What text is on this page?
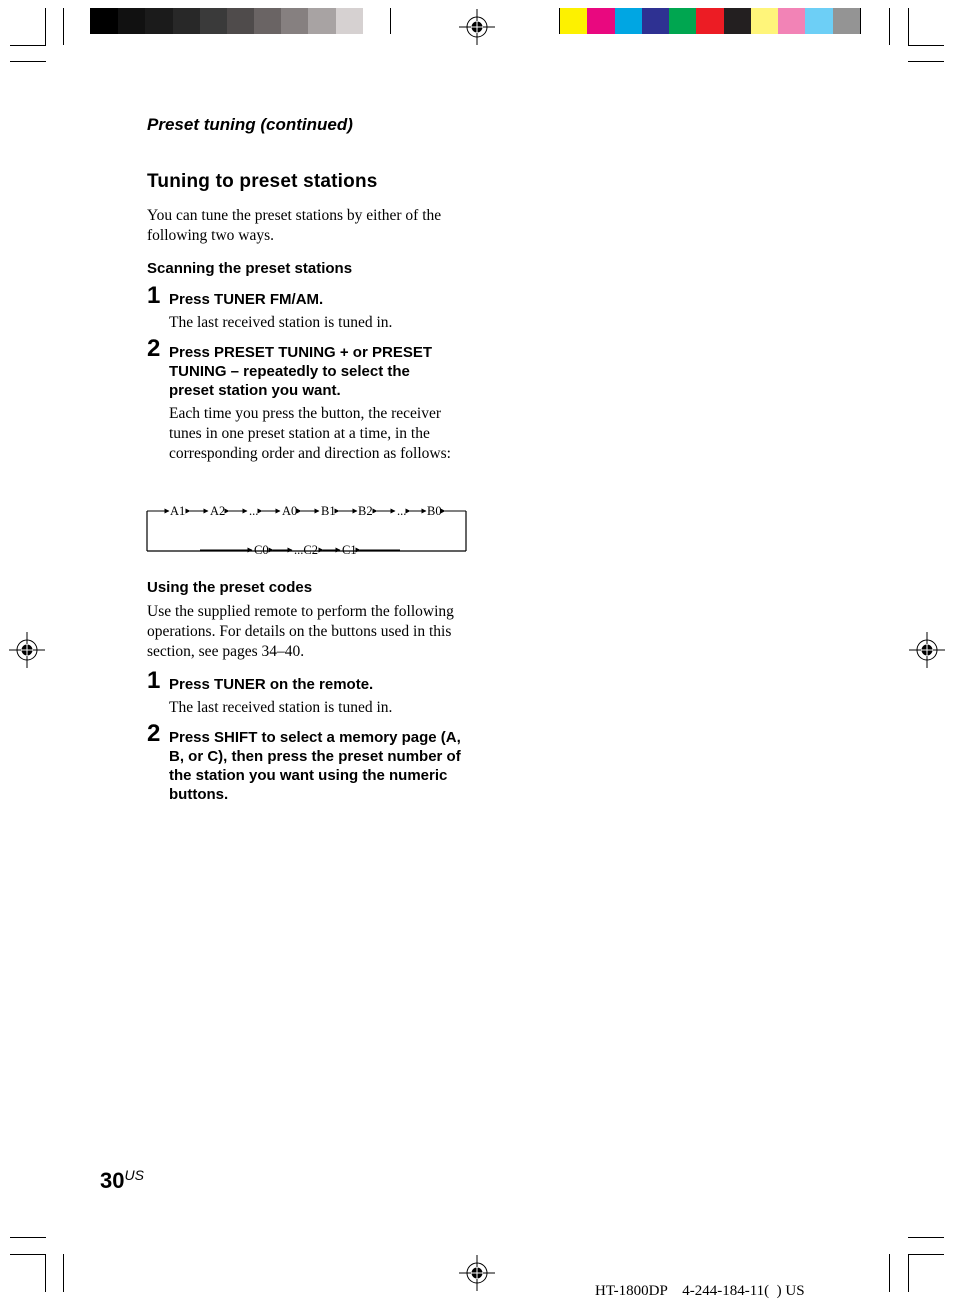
Preset tuning (continued)
Tuning to preset stations
You can tune the preset stations by either of the following two ways.
Scanning the preset stations
1 Press TUNER FM/AM.
The last received station is tuned in.
2 Press PRESET TUNING + or PRESET TUNING – repeatedly to select the preset station you want.
Each time you press the button, the receiver tunes in one preset station at a time, in the corresponding order and direction as follows:
A1 A2 ... A0 B1 B2 ... B0
C0 ...C2 C1
Using the preset codes
Use the supplied remote to perform the following operations. For details on the buttons used in this section, see pages 34–40.
1 Press TUNER on the remote.
The last received station is tuned in.
2 Press SHIFT to select a memory page (A, B, or C), then press the preset number of the station you want using the numeric buttons.
$30^{US}$
HT-1800DP    4-244-184-11(  ) US
